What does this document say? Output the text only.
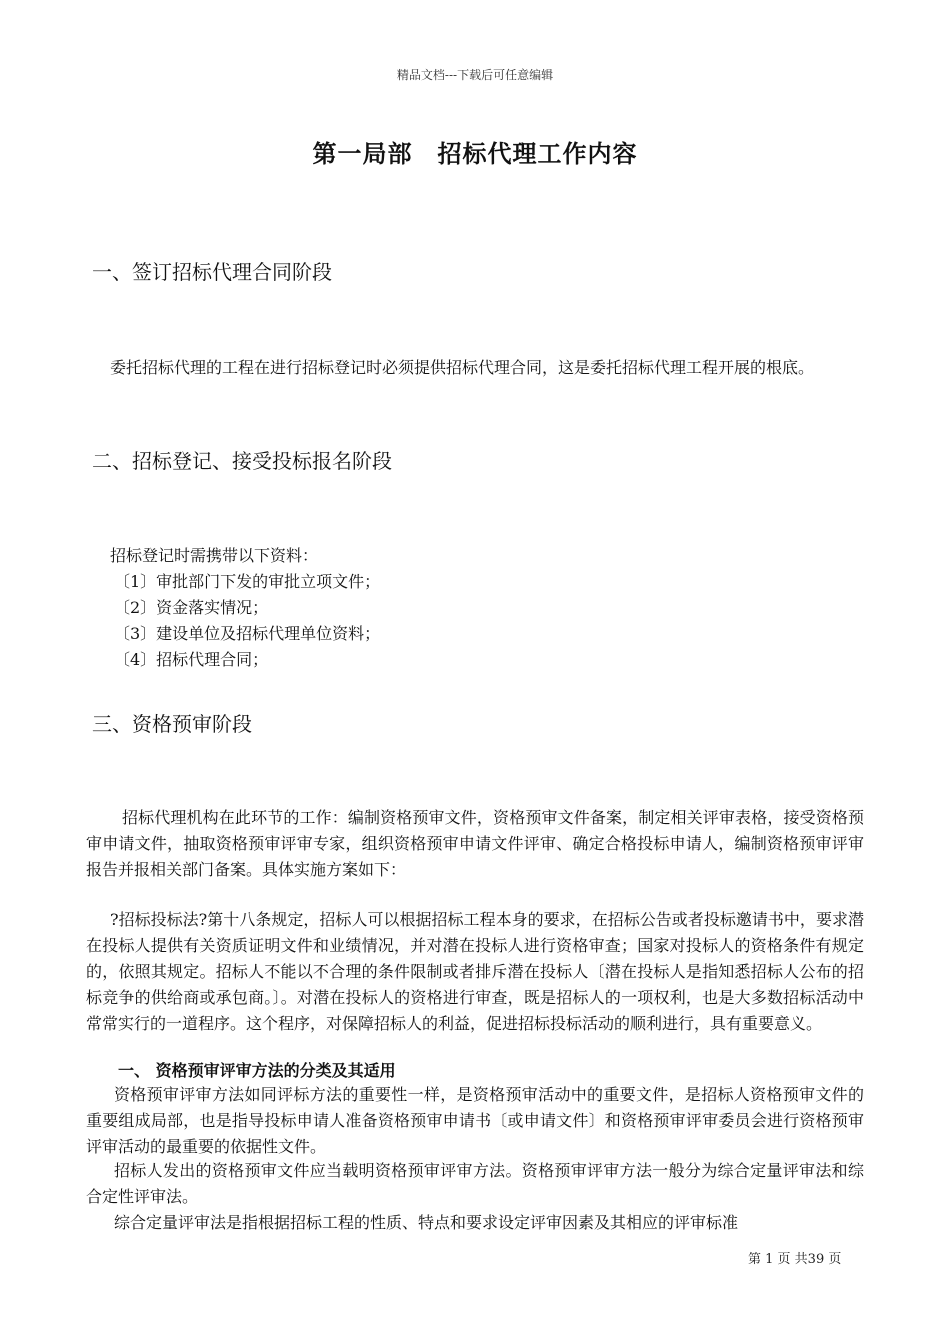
精品文档---下载后可任意编辑
第一局部　招标代理工作内容
一、签订招标代理合同阶段

委托招标代理的工程在进行招标登记时必须提供招标代理合同，这是委托招标代理工程开展的根底。

二、招标登记、接受投标报名阶段
招标登记时需携带以下资料：
〔1〕审批部门下发的审批立项文件；
〔2〕资金落实情况；
〔3〕建设单位及招标代理单位资料；
〔4〕招标代理合同；
三、资格预审阶段

招标代理机构在此环节的工作：编制资格预审文件，资格预审文件备案，制定相关评审表格，接受资格预审申请文件，抽取资格预审评审专家，组织资格预审申请文件评审、确定合格投标申请人，编制资格预审评审报告并报相关部门备案。具体实施方案如下：

?招标投标法?第十八条规定，招标人可以根据招标工程本身的要求，在招标公告或者投标邀请书中，要求潜在投标人提供有关资质证明文件和业绩情况，并对潜在投标人进行资格审查；国家对投标人的资格条件有规定的，依照其规定。招标人不能以不合理的条件限制或者排斥潜在投标人〔潜在投标人是指知悉招标人公布的招标竞争的供给商或承包商。〕。对潜在投标人的资格进行审查，既是招标人的一项权利，也是大多数招标活动中常常实行的一道程序。这个程序，对保障招标人的利益，促进招标投标活动的顺利进行，具有重要意义。

一、 资格预审评审方法的分类及其适用

资格预审评审方法如同评标方法的重要性一样，是资格预审活动中的重要文件，是招标人资格预审文件的重要组成局部，也是指导投标申请人准备资格预审申请书〔或申请文件〕和资格预审评审委员会进行资格预审评审活动的最重要的依据性文件。

招标人发出的资格预审文件应当载明资格预审评审方法。资格预审评审方法一般分为综合定量评审法和综合定性评审法。

综合定量评审法是指根据招标工程的性质、特点和要求设定评审因素及其相应的评审标准

第 1 页 共39 页
